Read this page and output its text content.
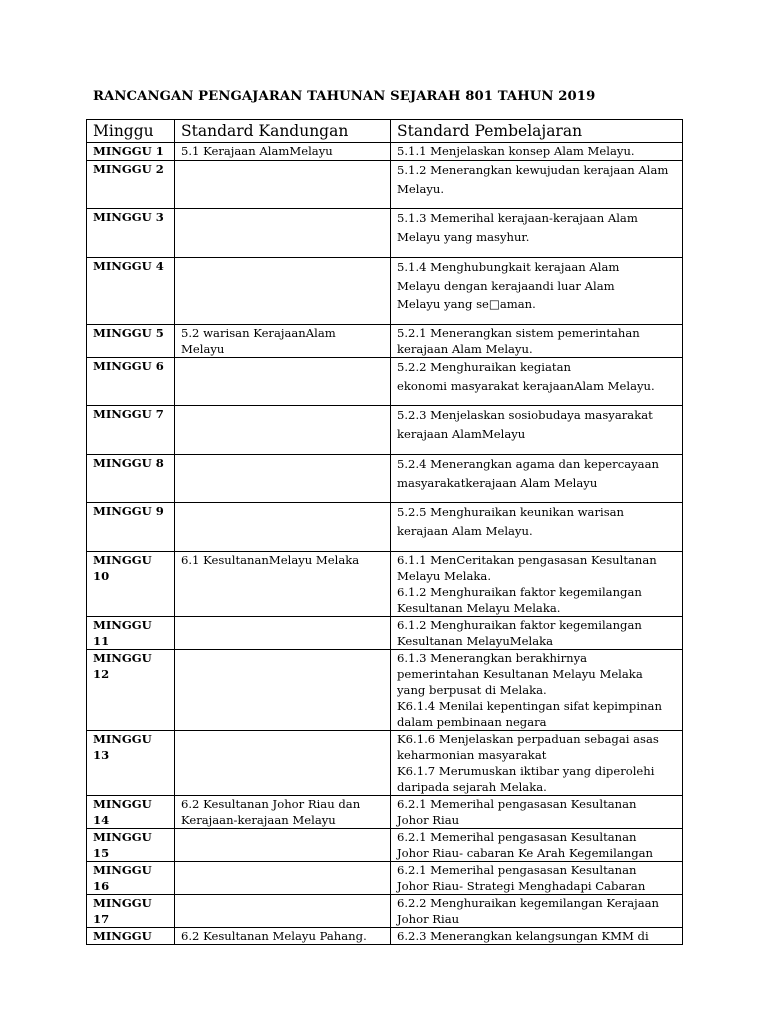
RANCANGAN PENGAJARAN TAHUNAN SEJARAH 801 TAHUN 2019
Minggu	Standard Kandungan	Standard Pembelajaran

MINGGU 1	5.1 Kerajaan AlamMelayu	5.1.1 Menjelaskan konsep Alam Melayu.

MINGGU 2		5.1.2 Menerangkan kewujudan kerajaan Alam
Melayu.

MINGGU 3		5.1.3 Memerihal kerajaan-kerajaan Alam
Melayu yang masyhur.

MINGGU 4		5.1.4 Menghubungkait kerajaan Alam
Melayu dengan kerajaandi luar Alam
Melayu yang se□aman.

MINGGU 5	5.2 warisan KerajaanAlam
Melayu	5.2.1 Menerangkan sistem pemerintahan
kerajaan Alam Melayu.

MINGGU 6		5.2.2 Menghuraikan kegiatan
ekonomi masyarakat kerajaanAlam Melayu.

MINGGU 7		5.2.3 Menjelaskan sosiobudaya masyarakat
kerajaan AlamMelayu

MINGGU 8		5.2.4 Menerangkan agama dan kepercayaan
masyarakatkerajaan Alam Melayu

MINGGU 9		5.2.5 Menghuraikan keunikan warisan
kerajaan Alam Melayu.

MINGGU
10	6.1 KesultananMelayu Melaka	6.1.1 MenCeritakan pengasasan Kesultanan
Melayu Melaka.
6.1.2 Menghuraikan faktor kegemilangan
Kesultanan Melayu Melaka.

MINGGU
11		6.1.2 Menghuraikan faktor kegemilangan
Kesultanan MelayuMelaka

MINGGU
12		6.1.3 Menerangkan berakhirnya
pemerintahan Kesultanan Melayu Melaka
yang berpusat di Melaka.
K6.1.4 Menilai kepentingan sifat kepimpinan
dalam pembinaan negara

MINGGU
13		K6.1.6 Menjelaskan perpaduan sebagai asas
keharmonian masyarakat
K6.1.7 Merumuskan iktibar yang diperolehi
daripada sejarah Melaka.

MINGGU
14	6.2 Kesultanan Johor Riau dan
Kerajaan-kerajaan Melayu	6.2.1 Memerihal pengasasan Kesultanan
Johor Riau

MINGGU
15		6.2.1 Memerihal pengasasan Kesultanan
Johor Riau- cabaran Ke Arah Kegemilangan

MINGGU
16		6.2.1 Memerihal pengasasan Kesultanan
Johor Riau- Strategi Menghadapi Cabaran

MINGGU
17		6.2.2 Menghuraikan kegemilangan Kerajaan
Johor Riau

MINGGU	6.2 Kesultanan Melayu Pahang.	6.2.3 Menerangkan kelangsungan KMM di
